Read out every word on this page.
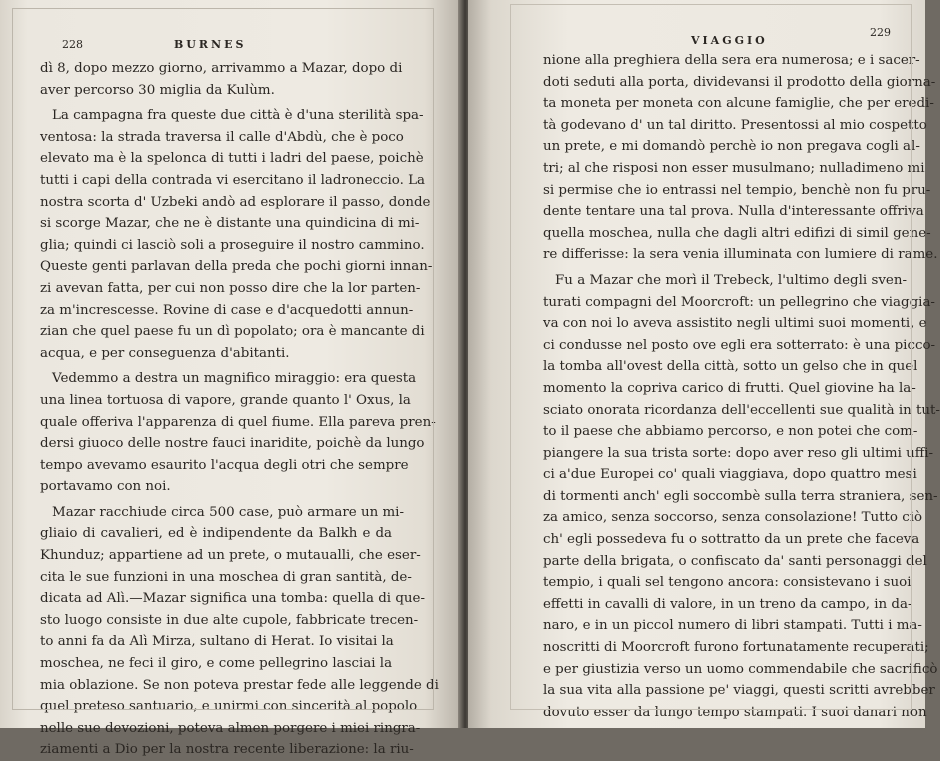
228	BURNES
dì 8, dopo mezzo giorno, arrivammo a Mazar, dopo di
aver percorso 30 miglia da Kulùm.
La campagna fra queste due città è d'una sterilità spa-
ventosa: la strada traversa il calle d'Abdù, che è poco
elevato ma è la spelonca di tutti i ladri del paese, poichè
tutti i capi della contrada vi esercitano il ladroneccio. La
nostra scorta d' Uzbeki andò ad esplorare il passo, donde
si scorge Mazar, che ne è distante una quindicina di mi-
glia; quindi ci lasciò soli a proseguire il nostro cammino.
Queste genti parlavan della preda che pochi giorni innan-
zi avevan fatta, per cui non posso dire che la lor parten-
za m'increscesse. Rovine di case e d'acquedotti annun-
zian che quel paese fu un dì popolato; ora è mancante di
acqua, e per conseguenza d'abitanti.
Vedemmo a destra un magnifico miraggio: era questa
una linea tortuosa di vapore, grande quanto l' Oxus, la
quale offeriva l'apparenza di quel fiume. Ella pareva pren-
dersi giuoco delle nostre fauci inaridite, poichè da lungo
tempo avevamo esaurito l'acqua degli otri che sempre
portavamo con noi.
Mazar racchiude circa 500 case, può armare un mi-
gliaio di cavalieri, ed è indipendente da Balkh e da
Khunduz; appartiene ad un prete, o mutaualli, che eser-
cita le sue funzioni in una moschea di gran santità, de-
dicata ad Alì.—Mazar significa una tomba: quella di que-
sto luogo consiste in due alte cupole, fabbricate trecen-
to anni fa da Alì Mirza, sultano di Herat. Io visitai la
moschea, ne feci il giro, e come pellegrino lasciai la
mia oblazione. Se non poteva prestar fede alle leggende di
quel preteso santuario, e unirmi con sincerità al popolo
nelle sue devozioni, poteva almen porgere i miei ringra-
ziamenti a Dio per la nostra recente liberazione: la riu-
VIAGGIO
229
nione alla preghiera della sera era numerosa; e i sacer-
doti seduti alla porta, dividevansi il prodotto della giorna-
ta moneta per moneta con alcune famiglie, che per eredi-
tà godevano d' un tal diritto. Presentossi al mio cospetto
un prete, e mi domandò perchè io non pregava cogli al-
tri; al che risposi non esser musulmano; nulladimeno mi
si permise che io entrassi nel tempio, benchè non fu pru-
dente tentare una tal prova. Nulla d'interessante offriva
quella moschea, nulla che dagli altri edifizi di simil gene-
re differisse: la sera venia illuminata con lumiere di rame.
Fu a Mazar che morì il Trebeck, l'ultimo degli sven-
turati compagni del Moorcroft: un pellegrino che viaggia-
va con noi lo aveva assistito negli ultimi suoi momenti, e
ci condusse nel posto ove egli era sotterrato: è una picco-
la tomba all'ovest della città, sotto un gelso che in quel
momento la copriva carico di frutti. Quel giovine ha la-
sciato onorata ricordanza dell'eccellenti sue qualità in tut-
to il paese che abbiamo percorso, e non potei che com-
piangere la sua trista sorte: dopo aver reso gli ultimi uffi-
ci a'due Europei co' quali viaggiava, dopo quattro mesi
di tormenti anch' egli soccombè sulla terra straniera, sen-
za amico, senza soccorso, senza consolazione! Tutto ciò
ch' egli possedeva fu o sottratto da un prete che faceva
parte della brigata, o confiscato da' santi personaggi del
tempio, i quali sel tengono ancora: consistevano i suoi
effetti in cavalli di valore, in un treno da campo, in da-
naro, e in un piccol numero di libri stampati. Tutti i ma-
noscritti di Moorcroft furono fortunatamente recuperati;
e per giustizia verso un uomo commendabile che sacrificò
la sua vita alla passione pe' viaggi, questi scritti avrebber
dovuto esser da lungo tempo stampati. I suoi danari non
